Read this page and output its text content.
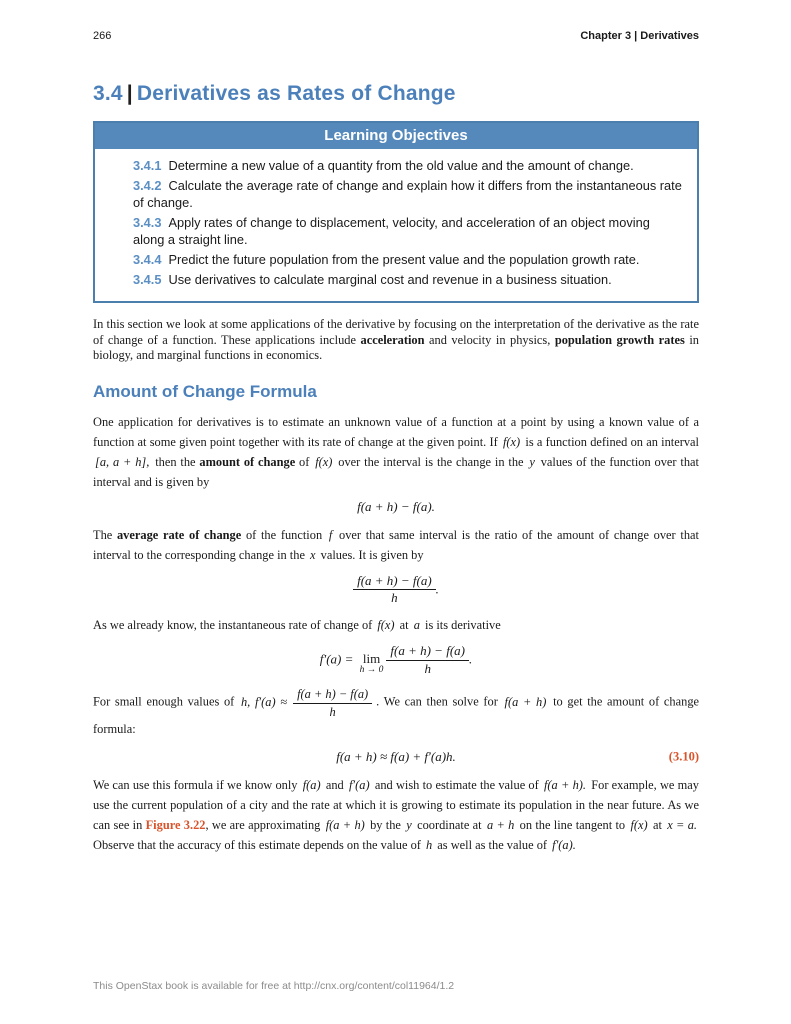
266	Chapter 3 | Derivatives
3.4 | Derivatives as Rates of Change
Learning Objectives
3.4.1 Determine a new value of a quantity from the old value and the amount of change.
3.4.2 Calculate the average rate of change and explain how it differs from the instantaneous rate of change.
3.4.3 Apply rates of change to displacement, velocity, and acceleration of an object moving along a straight line.
3.4.4 Predict the future population from the present value and the population growth rate.
3.4.5 Use derivatives to calculate marginal cost and revenue in a business situation.

In this section we look at some applications of the derivative by focusing on the interpretation of the derivative as the rate of change of a function. These applications include acceleration and velocity in physics, population growth rates in biology, and marginal functions in economics.

Amount of Change Formula

One application for derivatives is to estimate an unknown value of a function at a point by using a known value of a function at some given point together with its rate of change at the given point. If f(x) is a function defined on an interval [a, a + h], then the amount of change of f(x) over the interval is the change in the y values of the function over that interval and is given by

f(a + h) − f(a).

The average rate of change of the function f over that same interval is the ratio of the amount of change over that interval to the corresponding change in the x values. It is given by

$\frac{f(a + h) - f(a)}{h}$ .

As we already know, the instantaneous rate of change of f(x) at a is its derivative

f′(a) = lim
$h \to 0 \frac{f(a + h) - f(a)}{h}$ .

For small enough values of h, $f'(a) \approx \frac{f(a + h) - f(a)}{h}$ . We can then solve for f(a + h) to get the amount of change formula:

f(a + h) ≈ f(a) + f′(a)h.	(3.10)

We can use this formula if we know only f(a) and f′(a) and wish to estimate the value of f(a + h). For example, we may use the current population of a city and the rate at which it is growing to estimate its population in the near future. As we can see in Figure 3.22, we are approximating f(a + h) by the y coordinate at a + h on the line tangent to f(x) at x = a. Observe that the accuracy of this estimate depends on the value of h as well as the value of f′(a).

This OpenStax book is available for free at http://cnx.org/content/col11964/1.2
